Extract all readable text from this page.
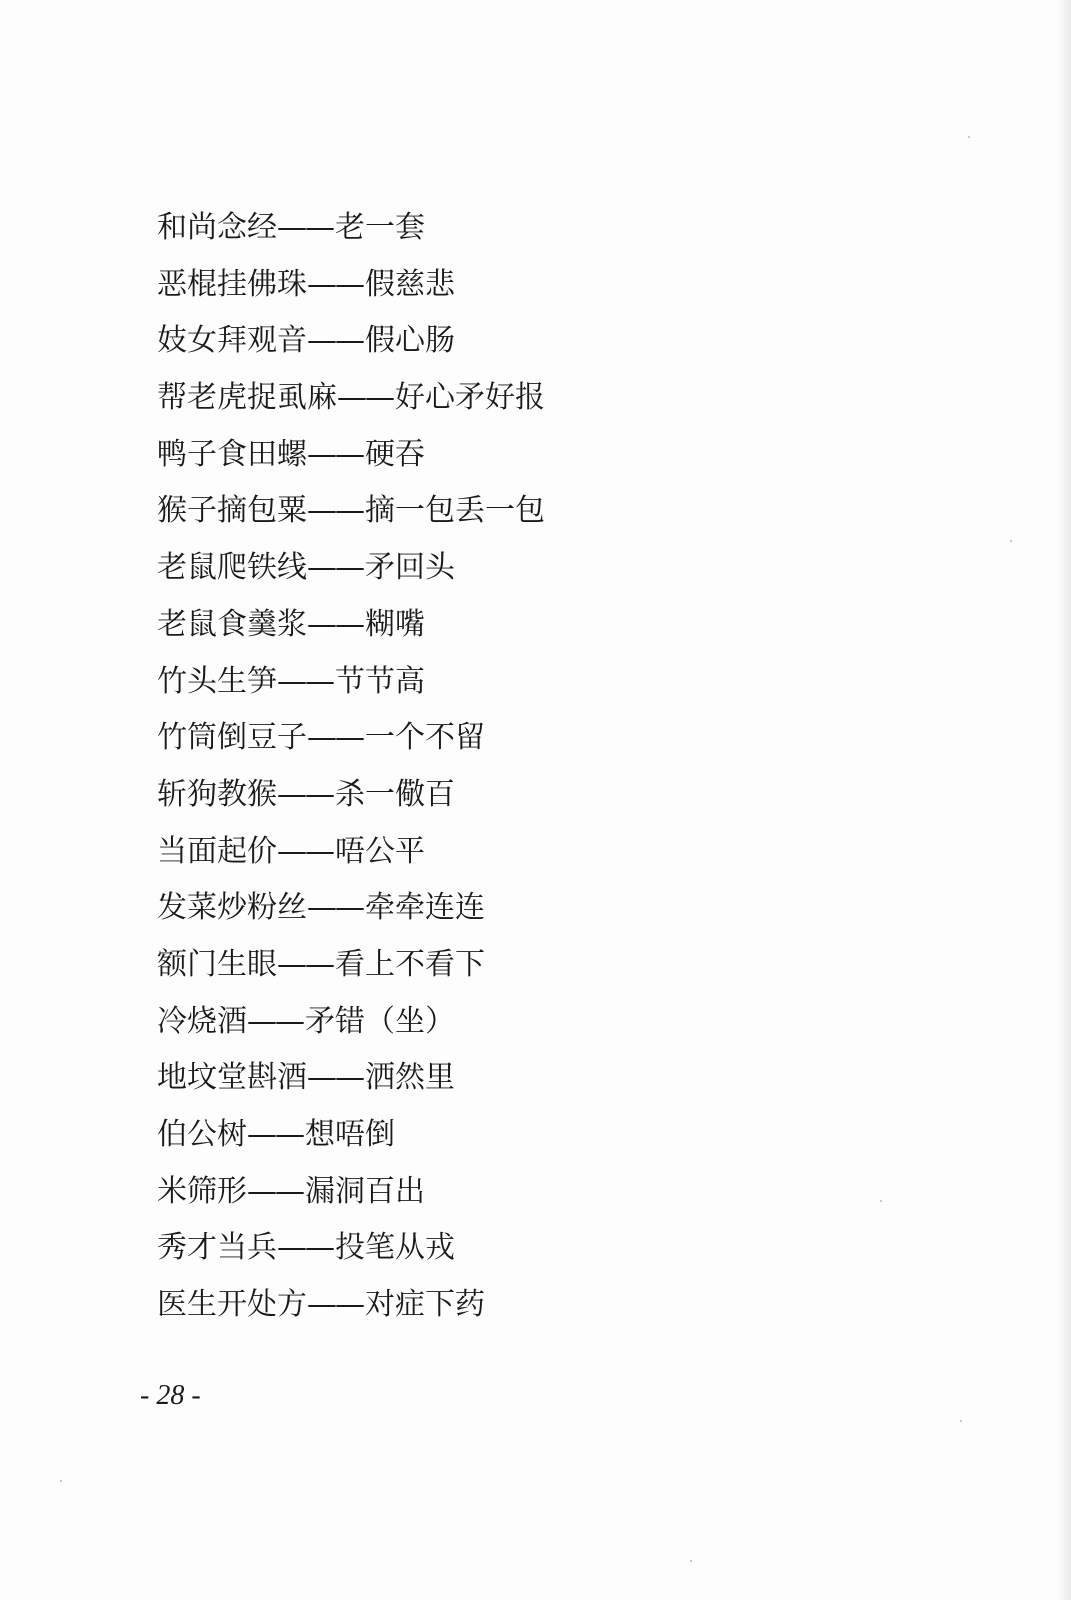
和尚念经——老一套
恶棍挂佛珠——假慈悲
妓女拜观音——假心肠
帮老虎捉虱麻——好心矛好报
鸭子食田螺——硬吞
猴子摘包粟——摘一包丢一包
老鼠爬铁线——矛回头
老鼠食羹浆——糊嘴
竹头生笋——节节高
竹筒倒豆子——一个不留
斩狗教猴——杀一儆百
当面起价——唔公平
发菜炒粉丝——牵牵连连
额门生眼——看上不看下
冷烧酒——矛错（坐）
地坟堂斟酒——洒然里
伯公树——想唔倒
米筛形——漏洞百出
秀才当兵——投笔从戎
医生开处方——对症下药

- 28 -
